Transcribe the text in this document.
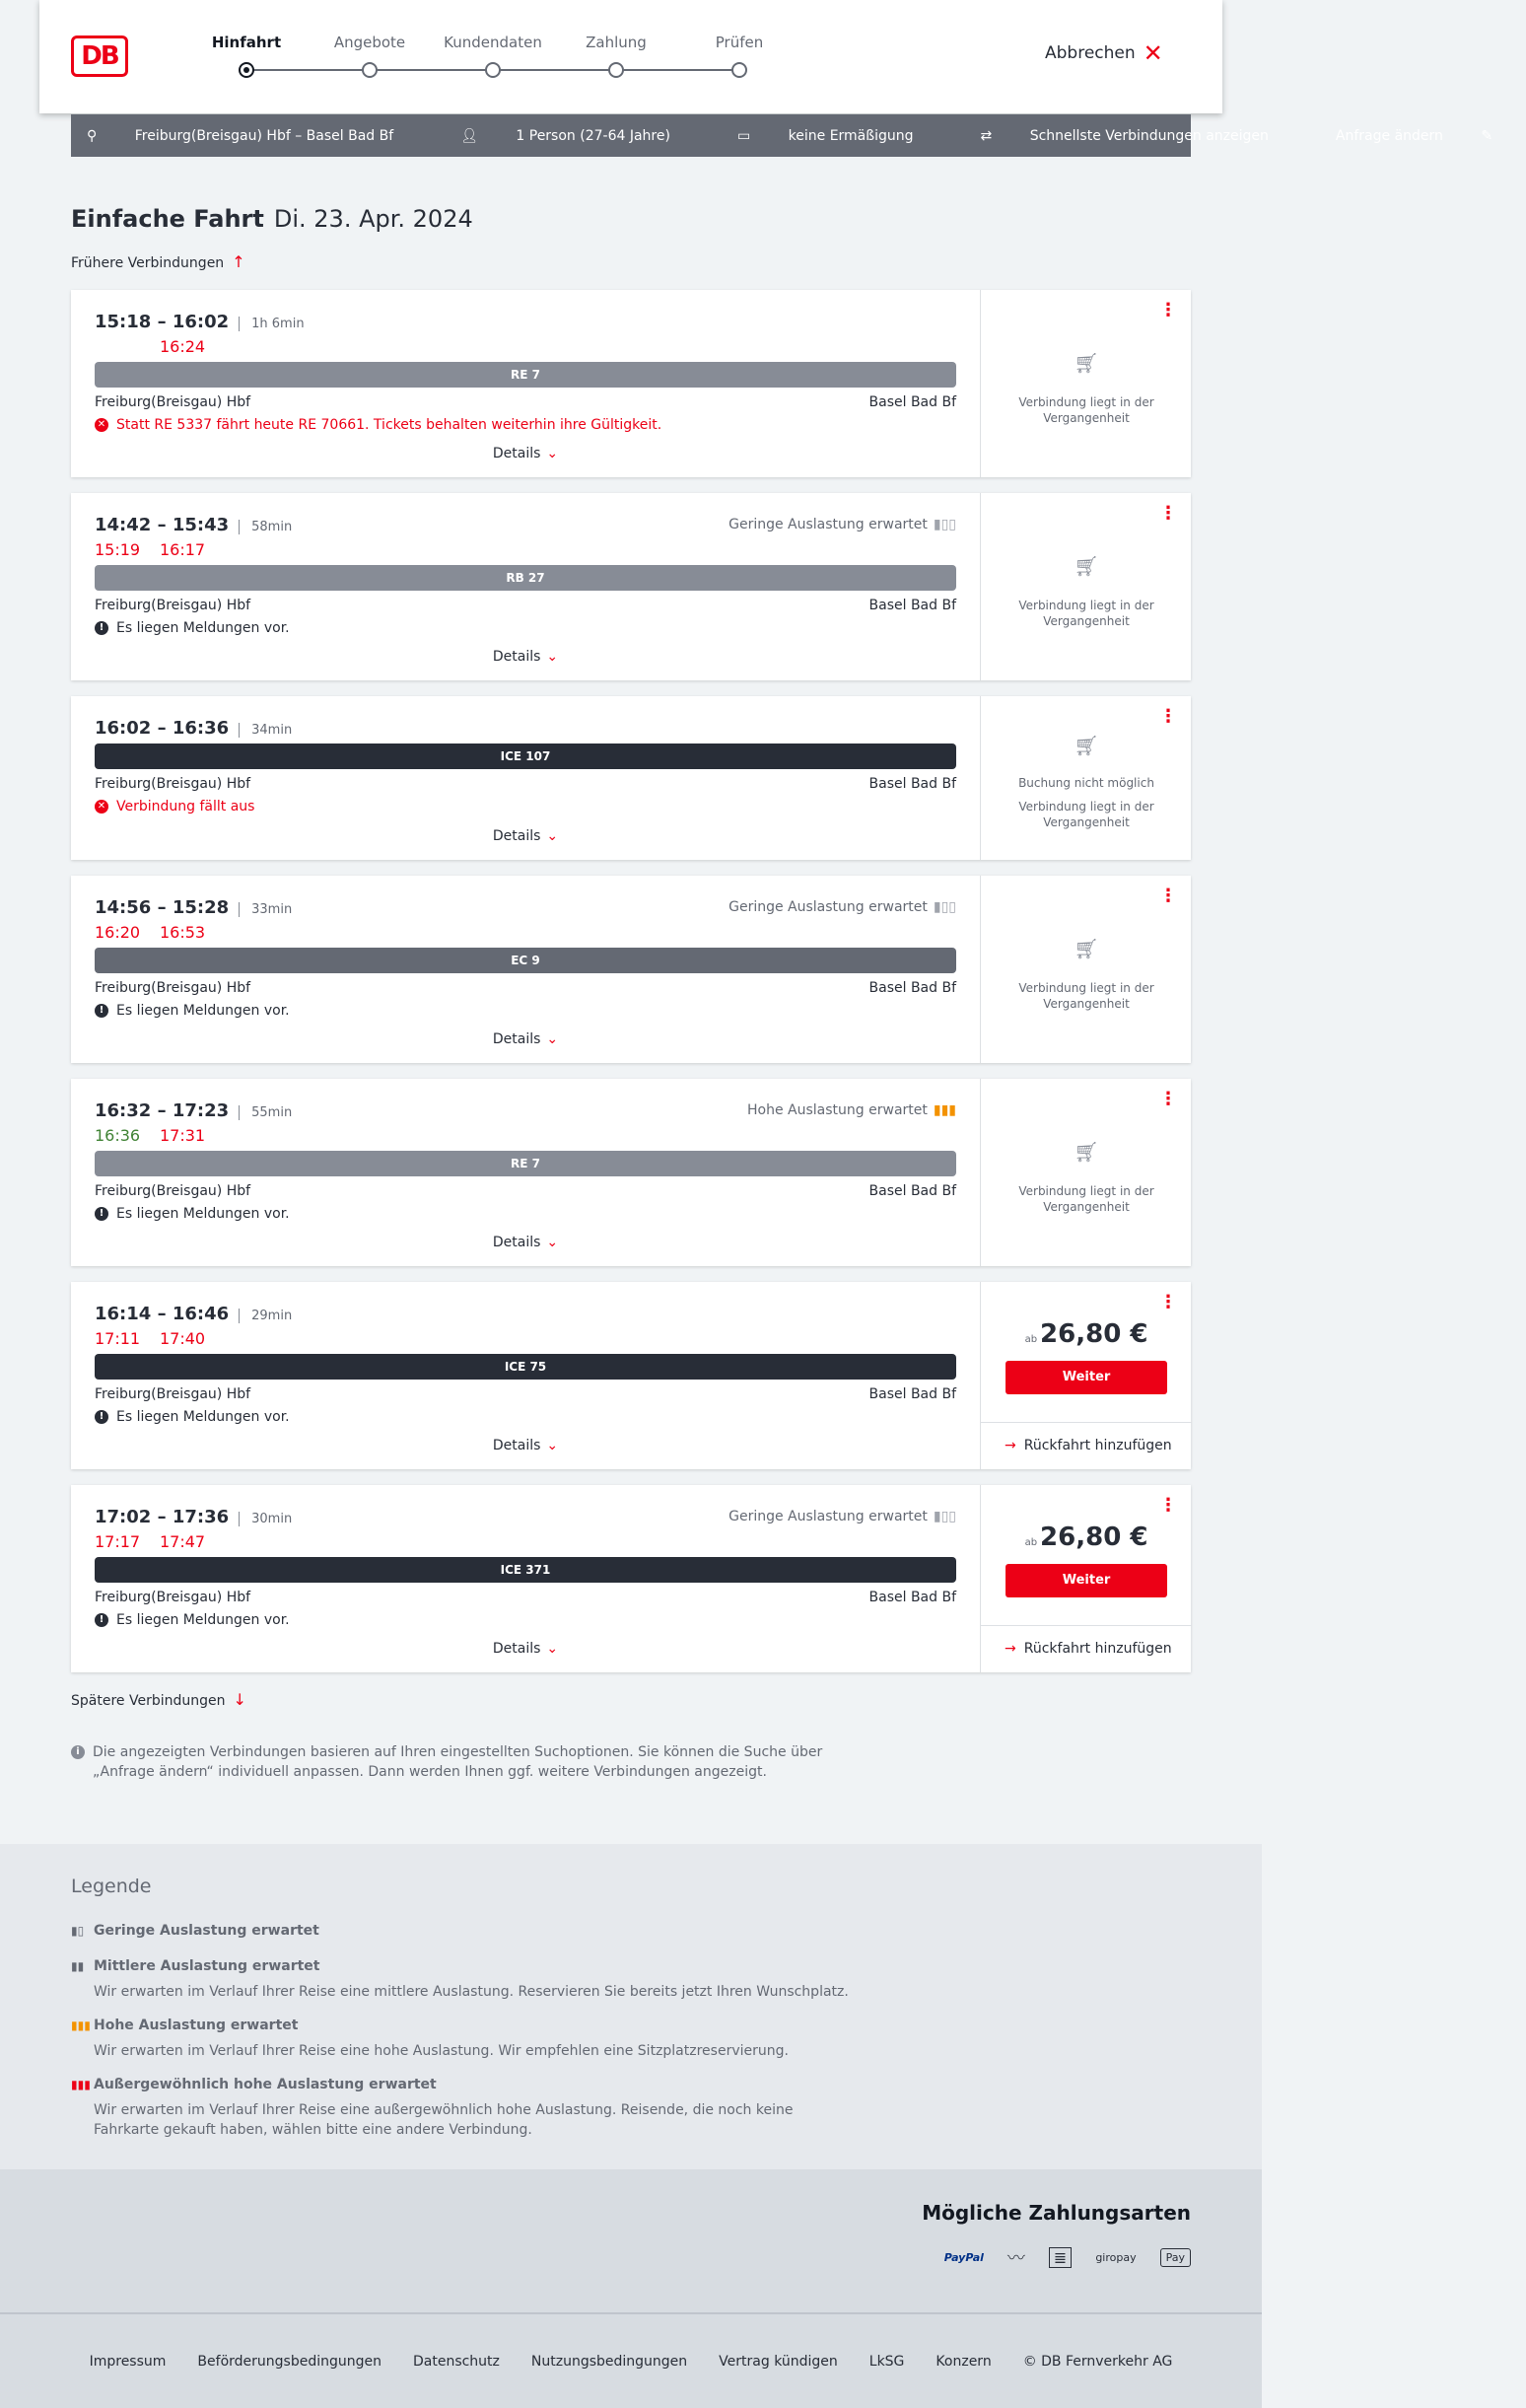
DB	Hinfahrt	Angebote	Kundendaten	Zahlung	Prüfen
Abbrechen ✕
⚲ Freiburg(Breisgau) Hbf – Basel Bad Bf	👤︎ 1 Person (27-64 Jahre)	▭ keine Ermäßigung	⇄ Schnellste Verbindungen anzeigen	Anfrage ändern ✎
Einfache Fahrt Di. 23. Apr. 2024
Frühere Verbindungen ↑
15:18 – 16:02 1h 6min
16:24
RE 7
Freiburg(Breisgau) Hbf	Basel Bad Bf
✕ Statt RE 5337 fährt heute RE 70661. Tickets behalten weiterhin ihre Gültigkeit.
Details ⌄
⋮
🛒︎
Verbindung liegt in der Vergangenheit
14:42 – 15:43 58min
15:19 16:17
Geringe Auslastung erwartet ▮▯▯
RB 27
Freiburg(Breisgau) Hbf	Basel Bad Bf
! Es liegen Meldungen vor.
Details ⌄
⋮
🛒︎
Verbindung liegt in der Vergangenheit
16:02 – 16:36 34min
ICE 107
Freiburg(Breisgau) Hbf	Basel Bad Bf
✕ Verbindung fällt aus
Details ⌄
⋮
🛒︎
Buchung nicht möglich
Verbindung liegt in der Vergangenheit
14:56 – 15:28 33min
16:20 16:53
Geringe Auslastung erwartet ▮▯▯
EC 9
Freiburg(Breisgau) Hbf	Basel Bad Bf
! Es liegen Meldungen vor.
Details ⌄
⋮
🛒︎
Verbindung liegt in der Vergangenheit
16:32 – 17:23 55min
16:36 17:31
Hohe Auslastung erwartet ▮▮▮
RE 7
Freiburg(Breisgau) Hbf	Basel Bad Bf
! Es liegen Meldungen vor.
Details ⌄
⋮
🛒︎
Verbindung liegt in der Vergangenheit
16:14 – 16:46 29min
17:11 17:40
ICE 75
Freiburg(Breisgau) Hbf	Basel Bad Bf
! Es liegen Meldungen vor.
Details ⌄
⋮
ab 26,80 €
Weiter
→ Rückfahrt hinzufügen
17:02 – 17:36 30min
17:17 17:47
Geringe Auslastung erwartet ▮▯▯
ICE 371
Freiburg(Breisgau) Hbf	Basel Bad Bf
! Es liegen Meldungen vor.
Details ⌄
⋮
ab 26,80 €
Weiter
→ Rückfahrt hinzufügen
Spätere Verbindungen ↓
i Die angezeigten Verbindungen basieren auf Ihren eingestellten Suchoptionen. Sie können die Suche über „Anfrage ändern“ individuell anpassen. Dann werden Ihnen ggf. weitere Verbindungen angezeigt.
Legende
▮▯ Geringe Auslastung erwartet
▮▮ Mittlere Auslastung erwartet
Wir erwarten im Verlauf Ihrer Reise eine mittlere Auslastung. Reservieren Sie bereits jetzt Ihren Wunschplatz.
▮▮▮ Hohe Auslastung erwartet
Wir erwarten im Verlauf Ihrer Reise eine hohe Auslastung. Wir empfehlen eine Sitzplatzreservierung.
▮▮▮ Außergewöhnlich hohe Auslastung erwartet
Wir erwarten im Verlauf Ihrer Reise eine außergewöhnlich hohe Auslastung. Reisende, die noch keine Fahrkarte gekauft haben, wählen bitte eine andere Verbindung.
Mögliche Zahlungsarten
PayPal 〰	≣	giropay	Pay
Impressum Beförderungsbedingungen Datenschutz Nutzungsbedingungen Vertrag kündigen LkSG Konzern © DB Fernverkehr AG
